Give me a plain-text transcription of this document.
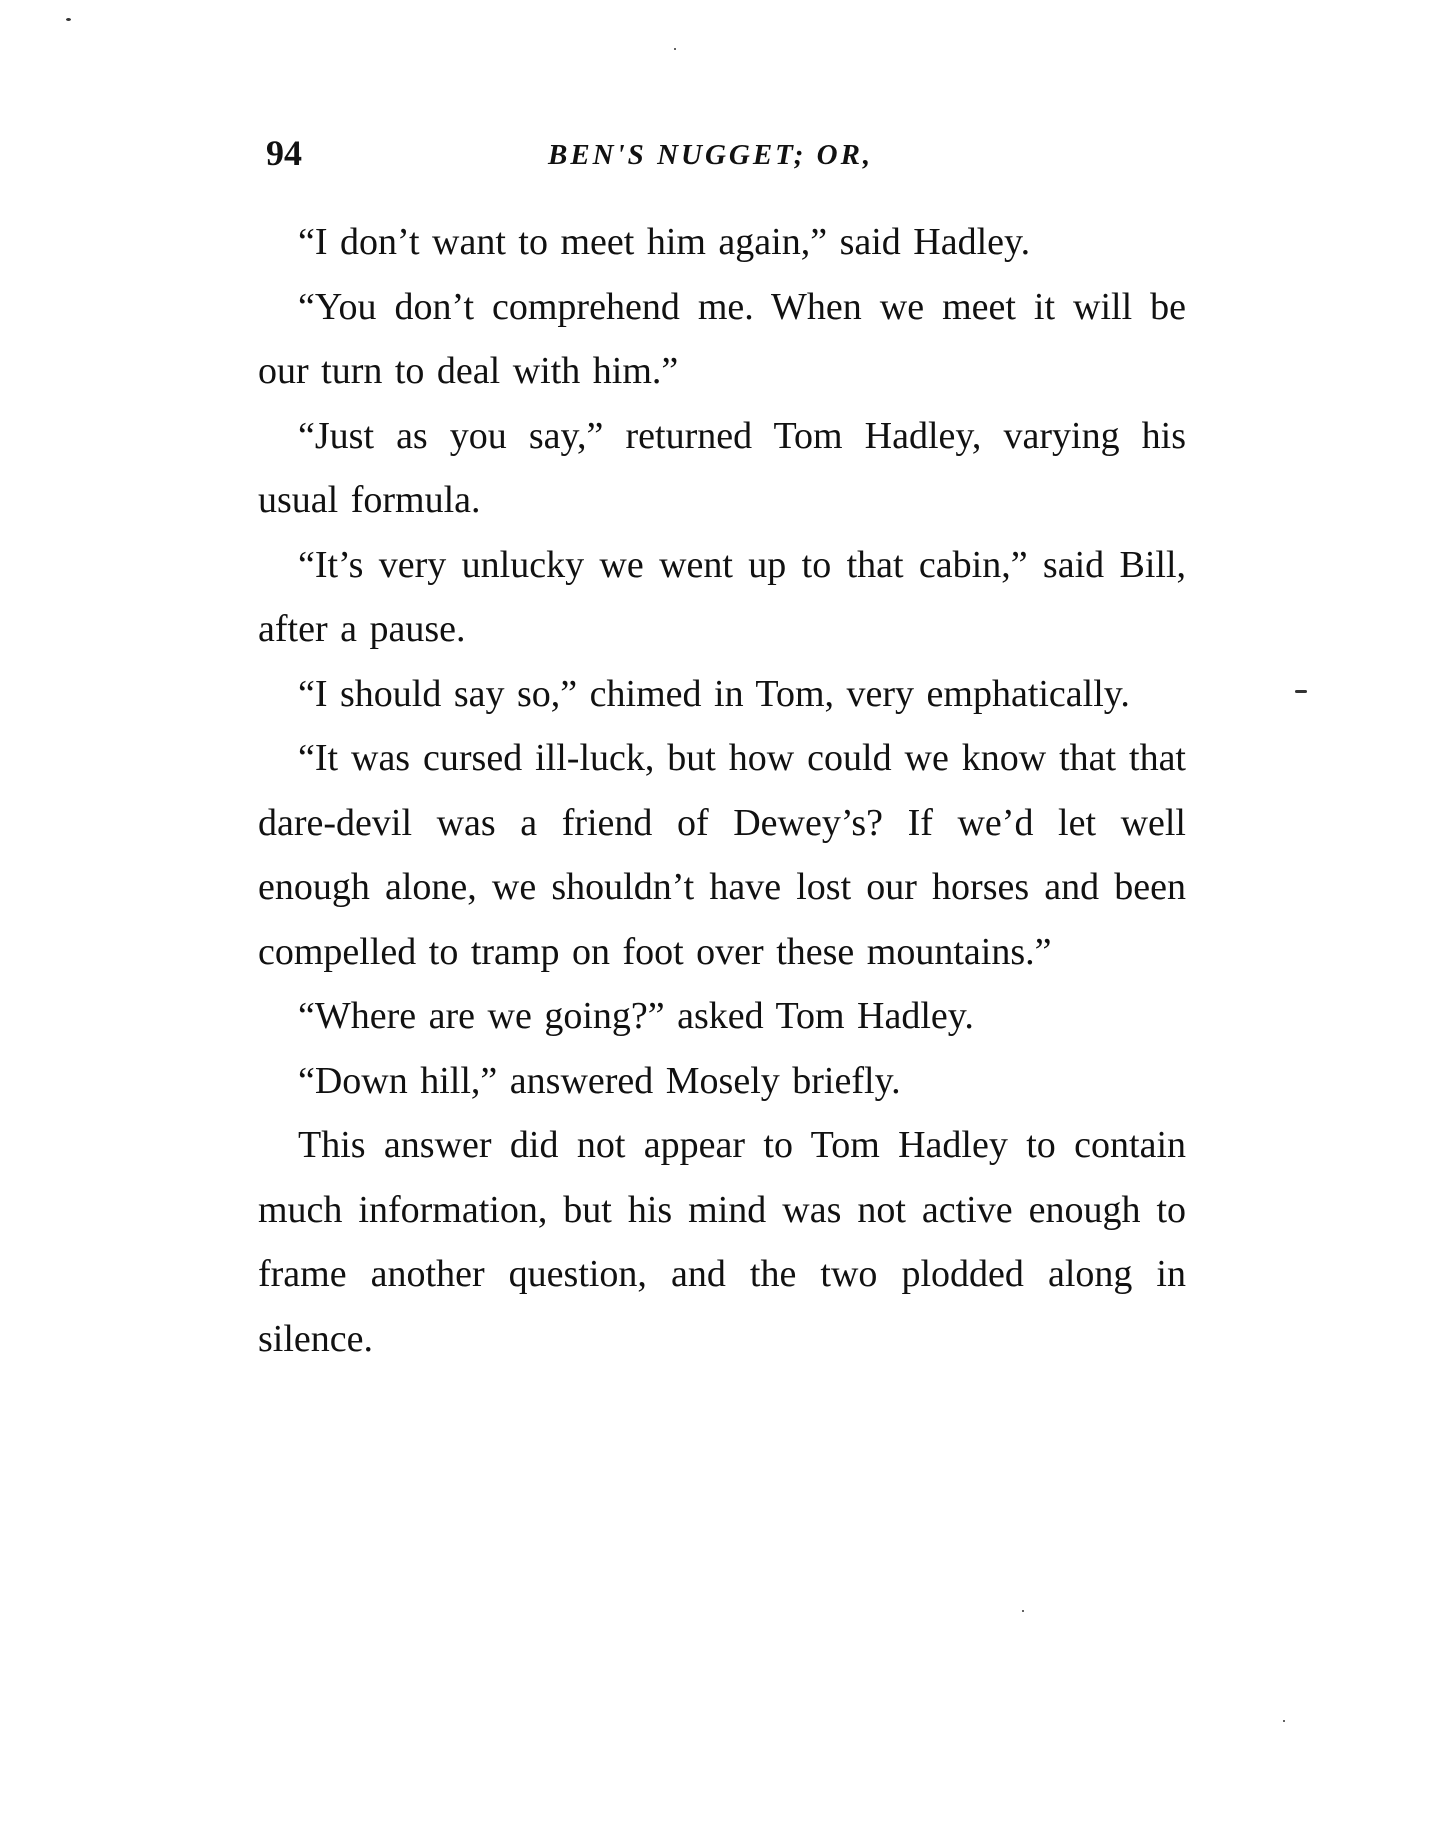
94	BEN'S NUGGET; OR,

“I don’t want to meet him again,” said Hadley.

“You don’t comprehend me. When we meet it will be our turn to deal with him.”

“Just as you say,” returned Tom Hadley, varying his usual formula.

“It’s very unlucky we went up to that cabin,” said Bill, after a pause.

“I should say so,” chimed in Tom, very emphatically.

“It was cursed ill-luck, but how could we know that that dare-devil was a friend of Dewey’s? If we’d let well enough alone, we shouldn’t have lost our horses and been compelled to tramp on foot over these mountains.”

“Where are we going?” asked Tom Hadley.

“Down hill,” answered Mosely briefly.

This answer did not appear to Tom Hadley to contain much information, but his mind was not active enough to frame another question, and the two plodded along in silence.
